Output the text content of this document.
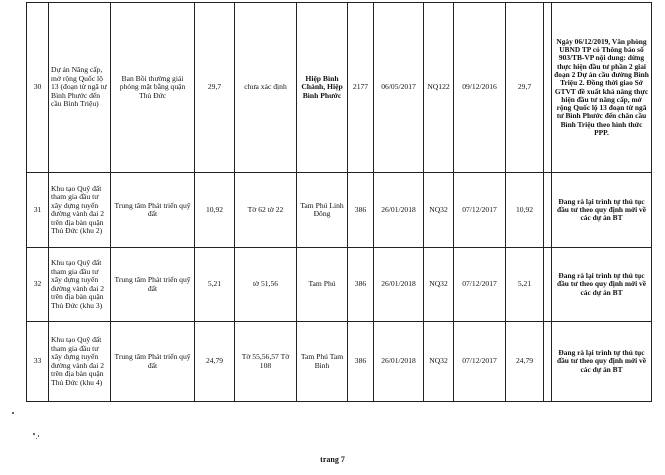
30	Dự án Nâng cấp, mở rộng Quốc lộ 13 (đoạn từ ngã tư Bình Phước đến cầu Bình Triệu)	Ban Bồi thường giải phóng mặt bằng quận Thủ Đức	29,7	chưa xác định	Hiệp Bình Chánh, Hiệp Bình Phước	2177	06/05/2017	NQ122	09/12/2016	29,7		Ngày 06/12/2019, Văn phòng UBND TP có Thông báo số 903/TB-VP nội dung: dừng thực hiện đầu tư phần 2 giai đoạn 2 Dự án cầu đường Bình Triệu 2. Đồng thời giao Sở GTVT đề xuất khả năng thực hiện đầu tư nâng cấp, mở rộng Quốc lộ 13 đoạn từ ngã tư Bình Phước đến chân cầu Bình Triệu theo hình thức PPP.
31	Khu tạo Quỹ đất tham gia đầu tư xây dựng tuyến đường vành đai 2 trên địa bàn quận Thủ Đức (khu 2)	Trung tâm Phát triển quỹ đất	10,92	Tờ 62 tờ 22	Tam Phú Linh Đông	386	26/01/2018	NQ32	07/12/2017	10,92		Đang rà lại trình tự thủ tục đầu tư theo quy định mới về các dự án BT
32	Khu tạo Quỹ đất tham gia đầu tư xây dựng tuyến đường vành đai 2 trên địa bàn quận Thủ Đức (khu 3)	Trung tâm Phát triển quỹ đất	5,21	tờ 51,56	Tam Phú	386	26/01/2018	NQ32	07/12/2017	5,21		Đang rà lại trình tự thủ tục đầu tư theo quy định mới về các dự án BT
33	Khu tạo Quỹ đất tham gia đầu tư xây dựng tuyến đường vành đai 2 trên địa bàn quận Thủ Đức (khu 4)	Trung tâm Phát triển quỹ đất	24,79	Tờ 55,56,57 Tờ 108	Tam Phú Tam Bình	386	26/01/2018	NQ32	07/12/2017	24,79		Đang rà lại trình tự thủ tục đầu tư theo quy định mới về các dự án BT
trang 7
